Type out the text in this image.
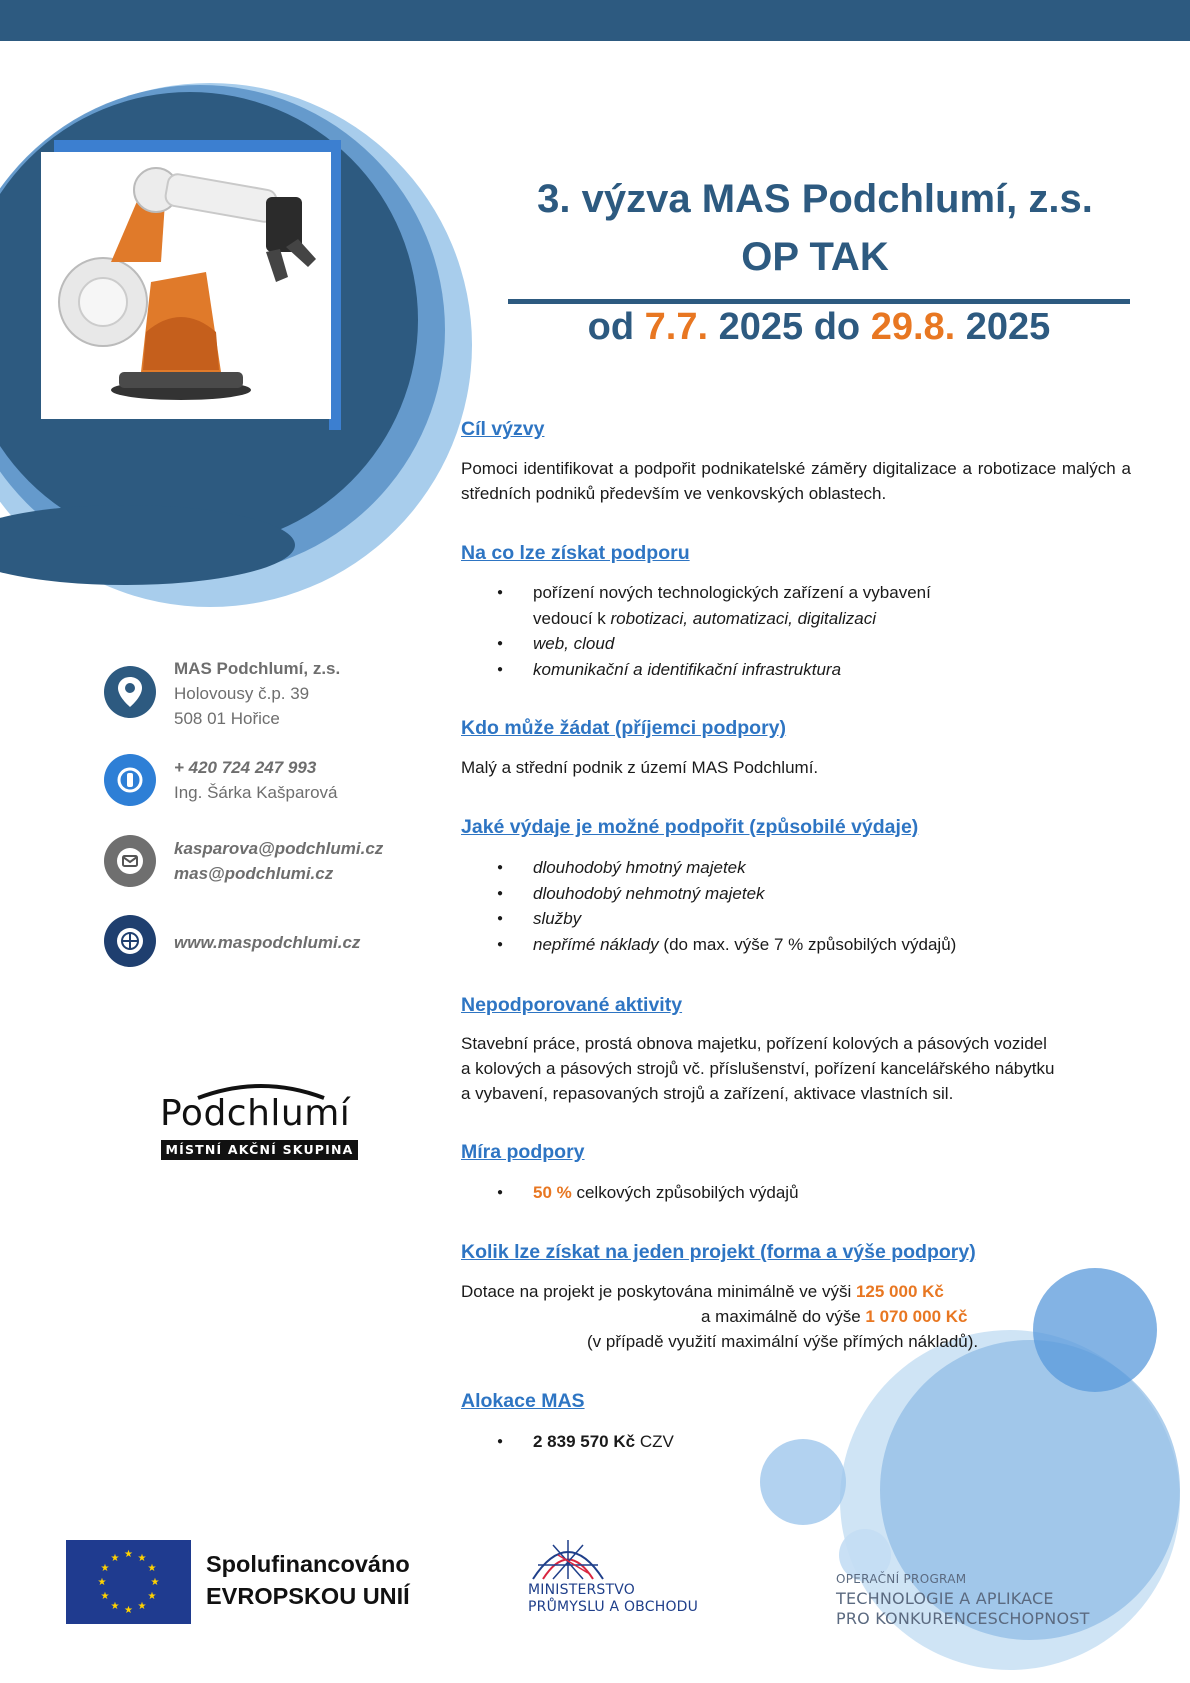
3. výzva MAS Podchlumí, z.s.
OP TAK
od 7.7. 2025 do 29.8. 2025
Cíl výzvy
Pomoci identifikovat a podpořit podnikatelské záměry digitalizace a robotizace malých a středních podniků především ve venkovských oblastech.
Na co lze získat podporu
● pořízení nových technologických zařízení a vybavení
vedoucí k robotizaci, automatizaci, digitalizaci
● web, cloud
● komunikační a identifikační infrastruktura
Kdo může žádat (příjemci podpory)
Malý a střední podnik z území MAS Podchlumí.
Jaké výdaje je možné podpořit (způsobilé výdaje)
● dlouhodobý hmotný majetek
● dlouhodobý nehmotný majetek
● služby
● nepřímé náklady (do max. výše 7 % způsobilých výdajů)
Nepodporované aktivity
Stavební práce, prostá obnova majetku, pořízení kolových a pásových vozidel
a kolových a pásových strojů vč. příslušenství, pořízení kancelářského nábytku
a vybavení, repasovaných strojů a zařízení, aktivace vlastních sil.
Míra podpory
● 50 % celkových způsobilých výdajů
Kolik lze získat na jeden projekt (forma a výše podpory)
Dotace na projekt je poskytována minimálně ve výši 125 000 Kč
a maximálně do výše 1 070 000 Kč
(v případě využití maximální výše přímých nákladů).
Alokace MAS
● 2 839 570 Kč CZV
MAS Podchlumí, z.s.
Holovousy č.p. 39
508 01 Hořice
+ 420 724 247 993
Ing. Šárka Kašparová
kasparova@podchlumi.cz
mas@podchlumi.cz
www.maspodchlumi.cz
Podchlumí
MÍSTNÍ AKČNÍ SKUPINA
★ ★
★
★
★
★
★
★
★
★
★
★	Spolufinancováno
EVROPSKOU UNIÍ	MINISTERSTVO
PRŮMYSLU A OBCHODU
OPERAČNÍ PROGRAM
TECHNOLOGIE A APLIKACE
PRO KONKURENCESCHOPNOST
